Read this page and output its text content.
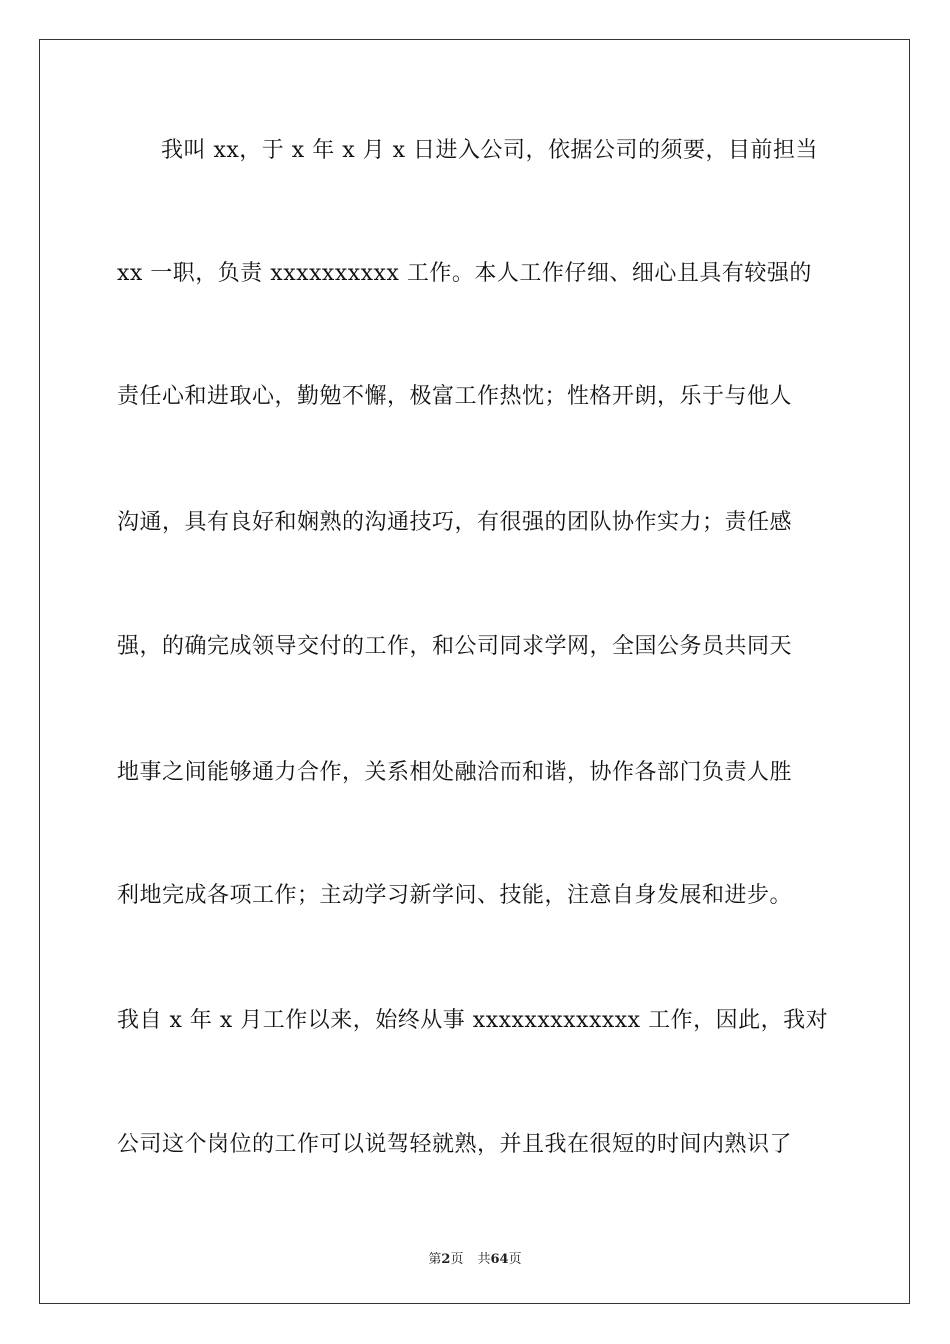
我叫 xx，于 x 年 x 月 x 日进入公司，依据公司的须要，目前担当
xx 一职，负责 xxxxxxxxxx 工作。本人工作仔细、细心且具有较强的
责任心和进取心，勤勉不懈，极富工作热忱；性格开朗，乐于与他人
沟通，具有良好和娴熟的沟通技巧，有很强的团队协作实力；责任感
强，的确完成领导交付的工作，和公司同求学网，全国公务员共同天
地事之间能够通力合作，关系相处融洽而和谐，协作各部门负责人胜
利地完成各项工作；主动学习新学问、技能，注意自身发展和进步。
我自 x 年 x 月工作以来，始终从事 xxxxxxxxxxxxx 工作，因此，我对
公司这个岗位的工作可以说驾轻就熟，并且我在很短的时间内熟识了
第2页 共64页
